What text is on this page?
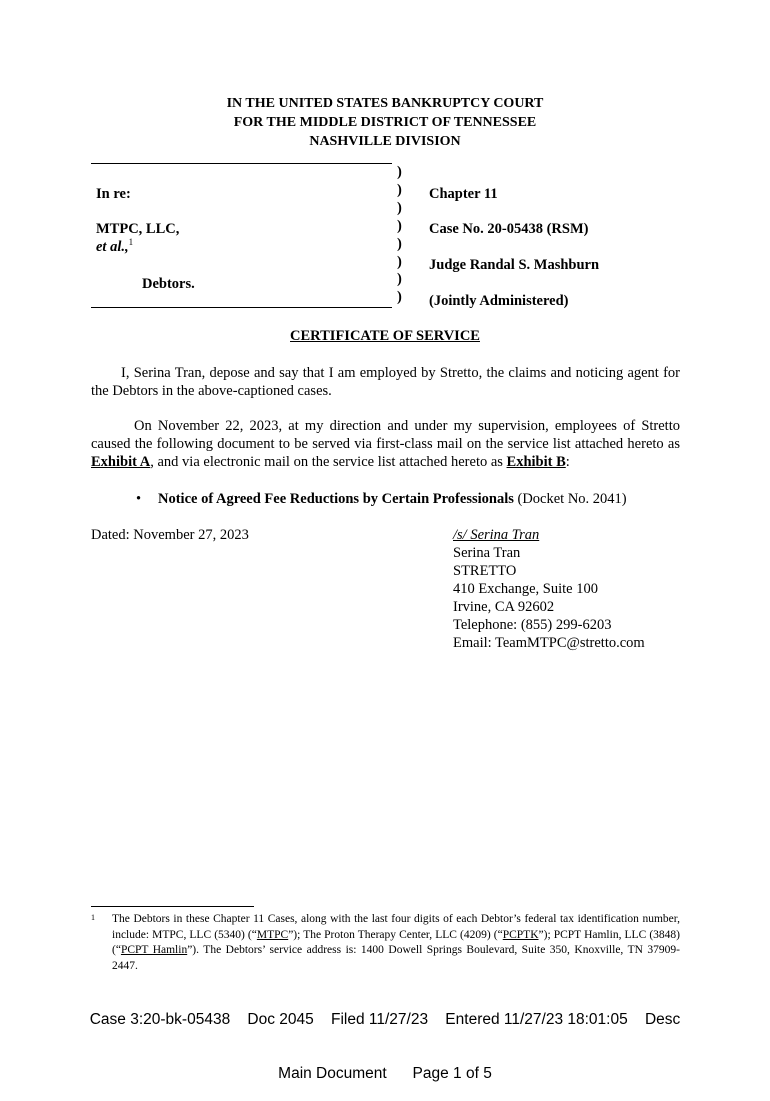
IN THE UNITED STATES BANKRUPTCY COURT
FOR THE MIDDLE DISTRICT OF TENNESSEE
NASHVILLE DIVISION
In re:
MTPC, LLC,
et al.,$^1$
Debtors.
)
)
)
)
)
)
)
)
Chapter 11
Case No. 20-05438 (RSM)
Judge Randal S. Mashburn
(Jointly Administered)
CERTIFICATE OF SERVICE
I, Serina Tran, depose and say that I am employed by Stretto, the claims and noticing agent for the Debtors in the above-captioned cases.
On November 22, 2023, at my direction and under my supervision, employees of Stretto caused the following document to be served via first-class mail on the service list attached hereto as Exhibit A, and via electronic mail on the service list attached hereto as Exhibit B:
• Notice of Agreed Fee Reductions by Certain Professionals (Docket No. 2041)
Dated: November 27, 2023	/s/ Serina Tran
Serina Tran
STRETTO
410 Exchange, Suite 100
Irvine, CA 92602
Telephone: (855) 299-6203
Email: TeamMTPC@stretto.com
1 The Debtors in these Chapter 11 Cases, along with the last four digits of each Debtor’s federal tax identification number, include: MTPC, LLC (5340) (“MTPC”); The Proton Therapy Center, LLC (4209) (“PCPTK”); PCPT Hamlin, LLC (3848) (“PCPT Hamlin”). The Debtors’ service address is: 1400 Dowell Springs Boulevard, Suite 350, Knoxville, TN 37909-2447.

Case 3:20-bk-05438    Doc 2045    Filed 11/27/23    Entered 11/27/23 18:01:05    Desc

Main Document      Page 1 of 5
